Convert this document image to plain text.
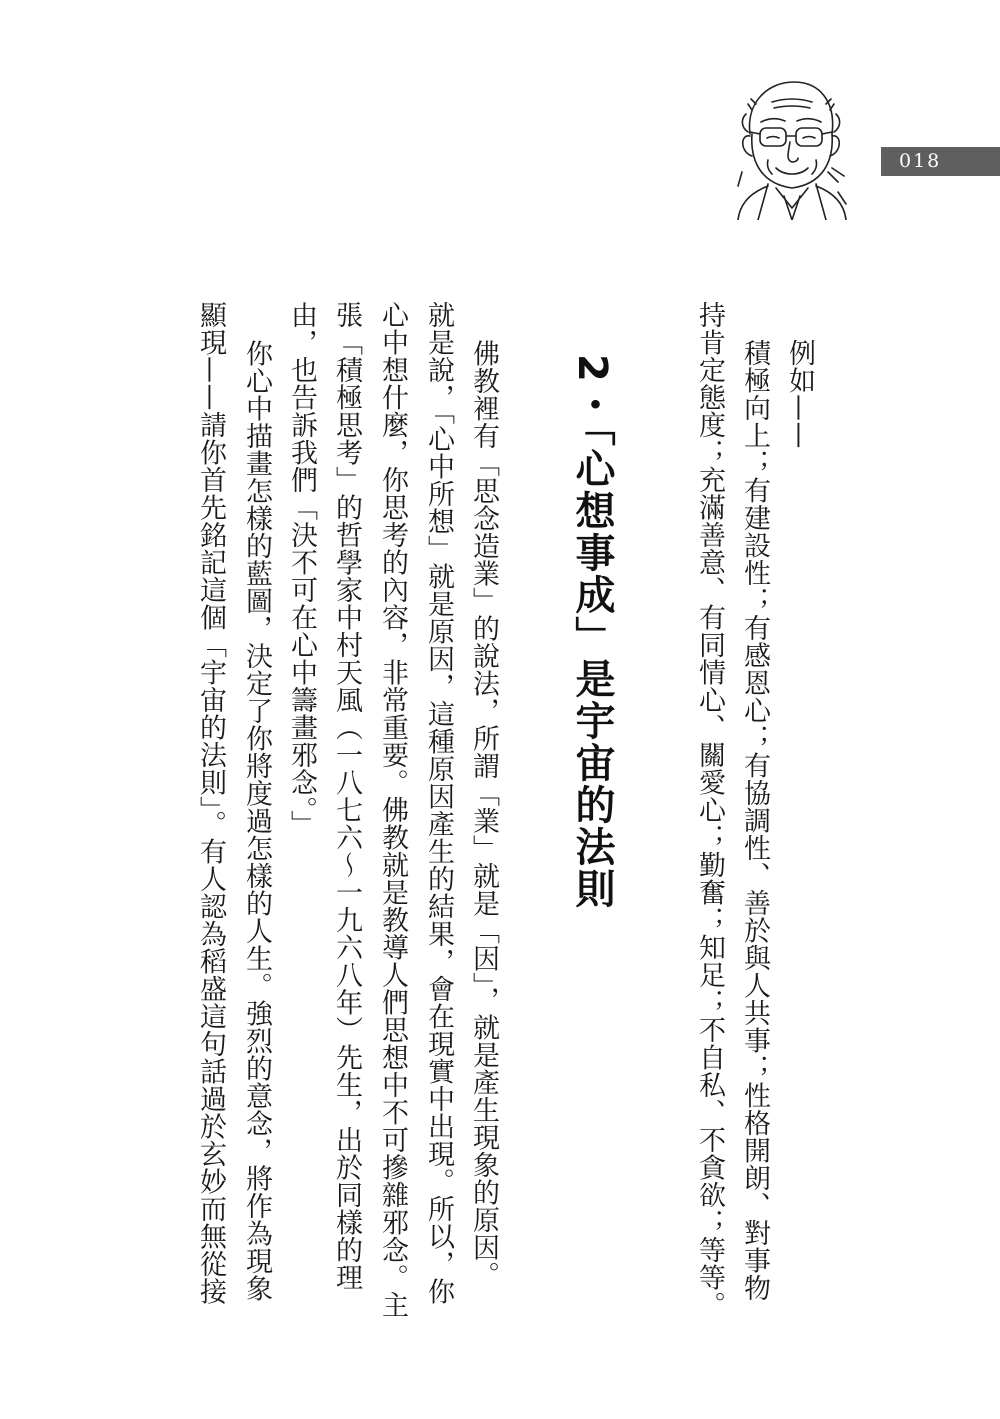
018
例如——
積極向上；有建設性；有感恩心；有協調性、善於與人共事；性格開朗、對事物
持肯定態度；充滿善意、有同情心、關愛心；勤奮；知足；不自私、不貪欲；等等。
2・「心想事成」是宇宙的法則
　佛教裡有「思念造業」的說法，所謂「業」就是「因」，就是產生現象的原因。
就是說，「心中所想」就是原因，這種原因產生的結果，會在現實中出現。所以，你
心中想什麼，你思考的內容，非常重要。佛教就是教導人們思想中不可摻雜邪念。主
張「積極思考」的哲學家中村天風（一八七六～一九六八年）先生，出於同樣的理
由，也告訴我們「決不可在心中籌畫邪念。」
　你心中描畫怎樣的藍圖，決定了你將度過怎樣的人生。強烈的意念，將作為現象
顯現——請你首先銘記這個「宇宙的法則」。有人認為稻盛這句話過於玄妙而無從接
